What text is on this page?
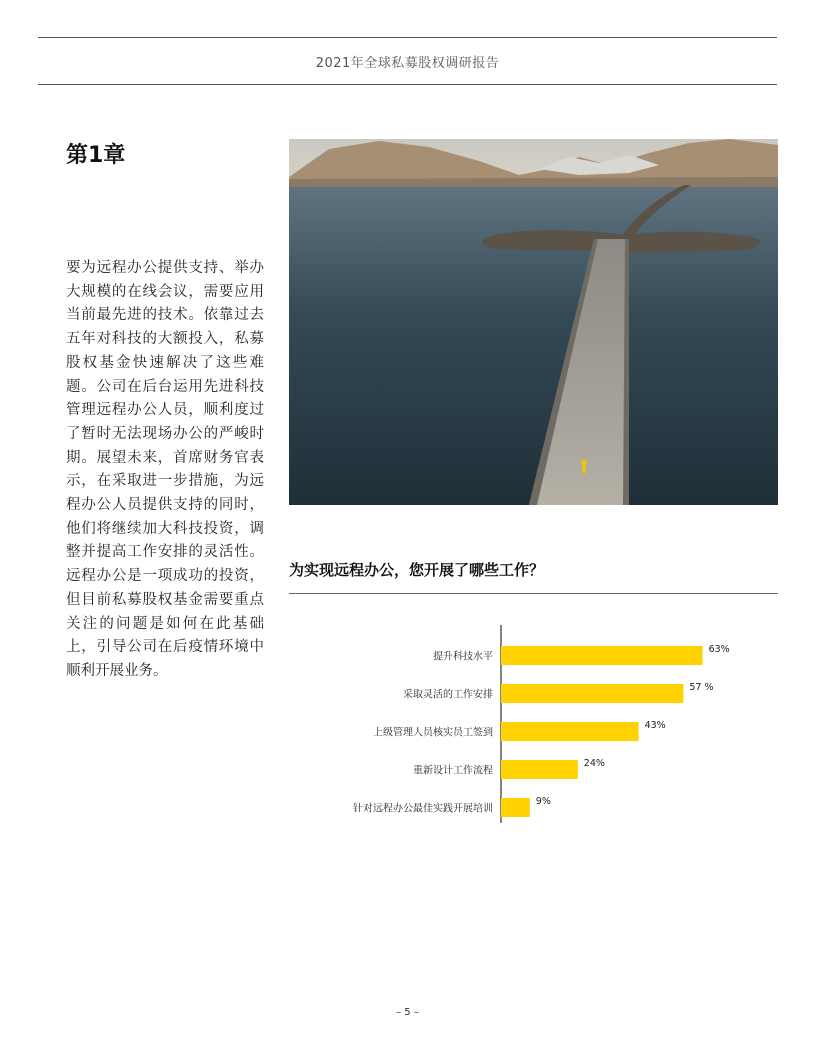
2021年全球私募股权调研报告
第1章
要为远程办公提供支持、举办大规模的在线会议，需要应用当前最先进的技术。依靠过去五年对科技的大额投入，私募股权基金快速解决了这些难题。公司在后台运用先进科技管理远程办公人员，顺利度过了暂时无法现场办公的严峻时期。展望未来，首席财务官表示，在采取进一步措施，为远程办公人员提供支持的同时，他们将继续加大科技投资，调整并提高工作安排的灵活性。远程办公是一项成功的投资，但目前私募股权基金需要重点关注的问题是如何在此基础上，引导公司在后疫情环境中顺利开展业务。
为实现远程办公，您开展了哪些工作？
提升科技水平
63%
采取灵活的工作安排
57 %
上级管理人员核实员工签到
43%
重新设计工作流程
24%
针对远程办公最佳实践开展培训
9%
– 5 –
